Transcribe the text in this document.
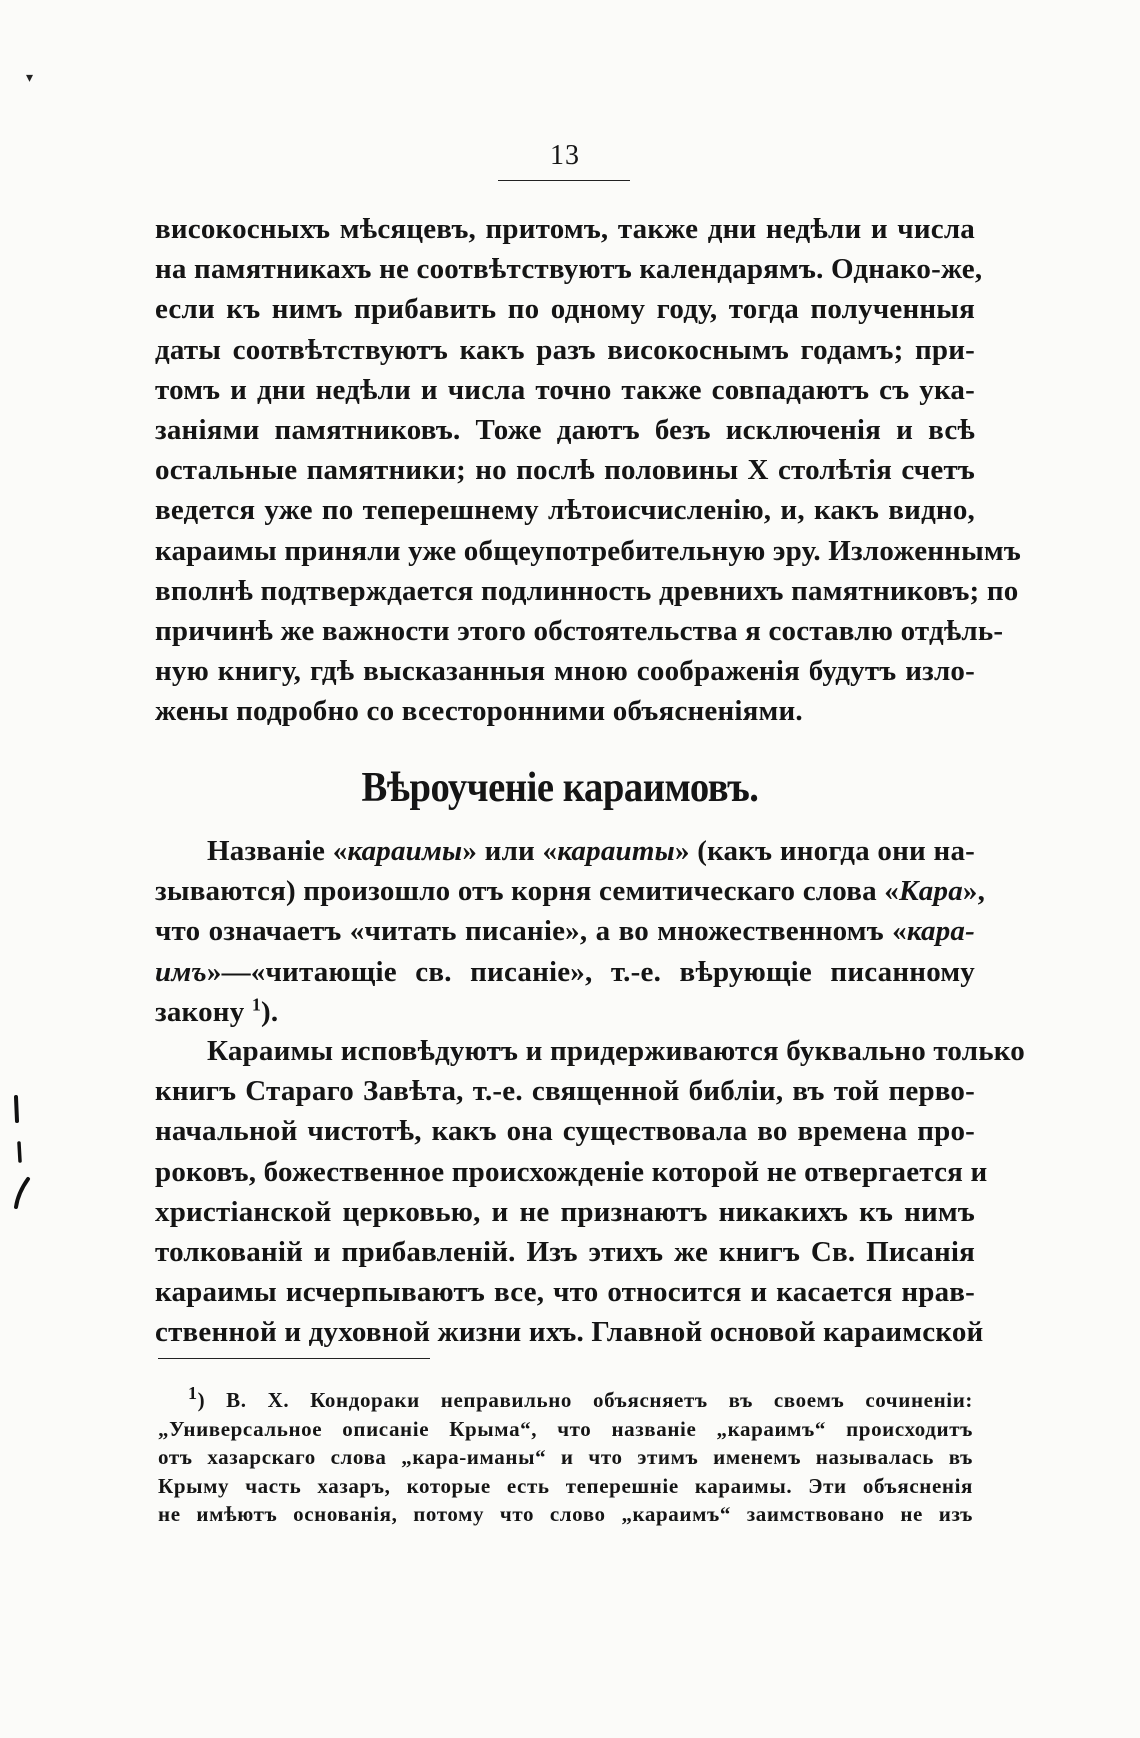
▾
13
високосныхъ мѣсяцевъ, притомъ, также дни недѣли и числа
на памятникахъ не соотвѣтствуютъ календарямъ. Однако-же,
если къ нимъ прибавить по одному году, тогда полученныя
даты соотвѣтствуютъ какъ разъ високоснымъ годамъ; при-
томъ и дни недѣли и числа точно также совпадаютъ съ ука-
занiями памятниковъ. Тоже даютъ безъ исключенiя и всѣ
остальные памятники; но послѣ половины X столѣтiя счетъ
ведется уже по теперешнему лѣтоисчисленiю, и, какъ видно,
караимы приняли уже общеупотребительную эру. Изложеннымъ
вполнѣ подтверждается подлинность древнихъ памятниковъ; по
причинѣ же важности этого обстоятельства я составлю отдѣль-
ную книгу, гдѣ высказанныя мною соображенiя будутъ изло-
жены подробно со всесторонними объясненiями.
Вѣроученiе караимовъ.
Названiе «караимы» или «караиты» (какъ иногда они на-
зываются) произошло отъ корня семитическаго слова «Кара»,
что означаетъ «читать писанiе», а во множественномъ «кара-
имъ»—«читающiе св. писанiе», т.-е. вѣрующiе писанному
закону $^1$).
Караимы исповѣдуютъ и придерживаются буквально только
книгъ Стараго Завѣта, т.-е. священной библiи, въ той перво-
начальной чистотѣ, какъ она существовала во времена про-
роковъ, божественное происхожденiе которой не отвергается и
христiанской церковью, и не признаютъ никакихъ къ нимъ
толкованiй и прибавленiй. Изъ этихъ же книгъ Св. Писанiя
караимы исчерпываютъ все, что относится и касается нрав-
ственной и духовной жизни ихъ. Главной основой караимской
1) В. X. Кондораки неправильно объясняетъ въ своемъ сочиненiи:
„Универсальное описанiе Крыма“, что названiе „караимъ“ происходитъ
отъ хазарскаго слова „кара-иманы“ и что этимъ именемъ называлась въ
Крыму часть хазаръ, которые есть теперешнiе караимы. Эти объясненiя
не имѣютъ основанiя, потому что слово „караимъ“ заимствовано не изъ
